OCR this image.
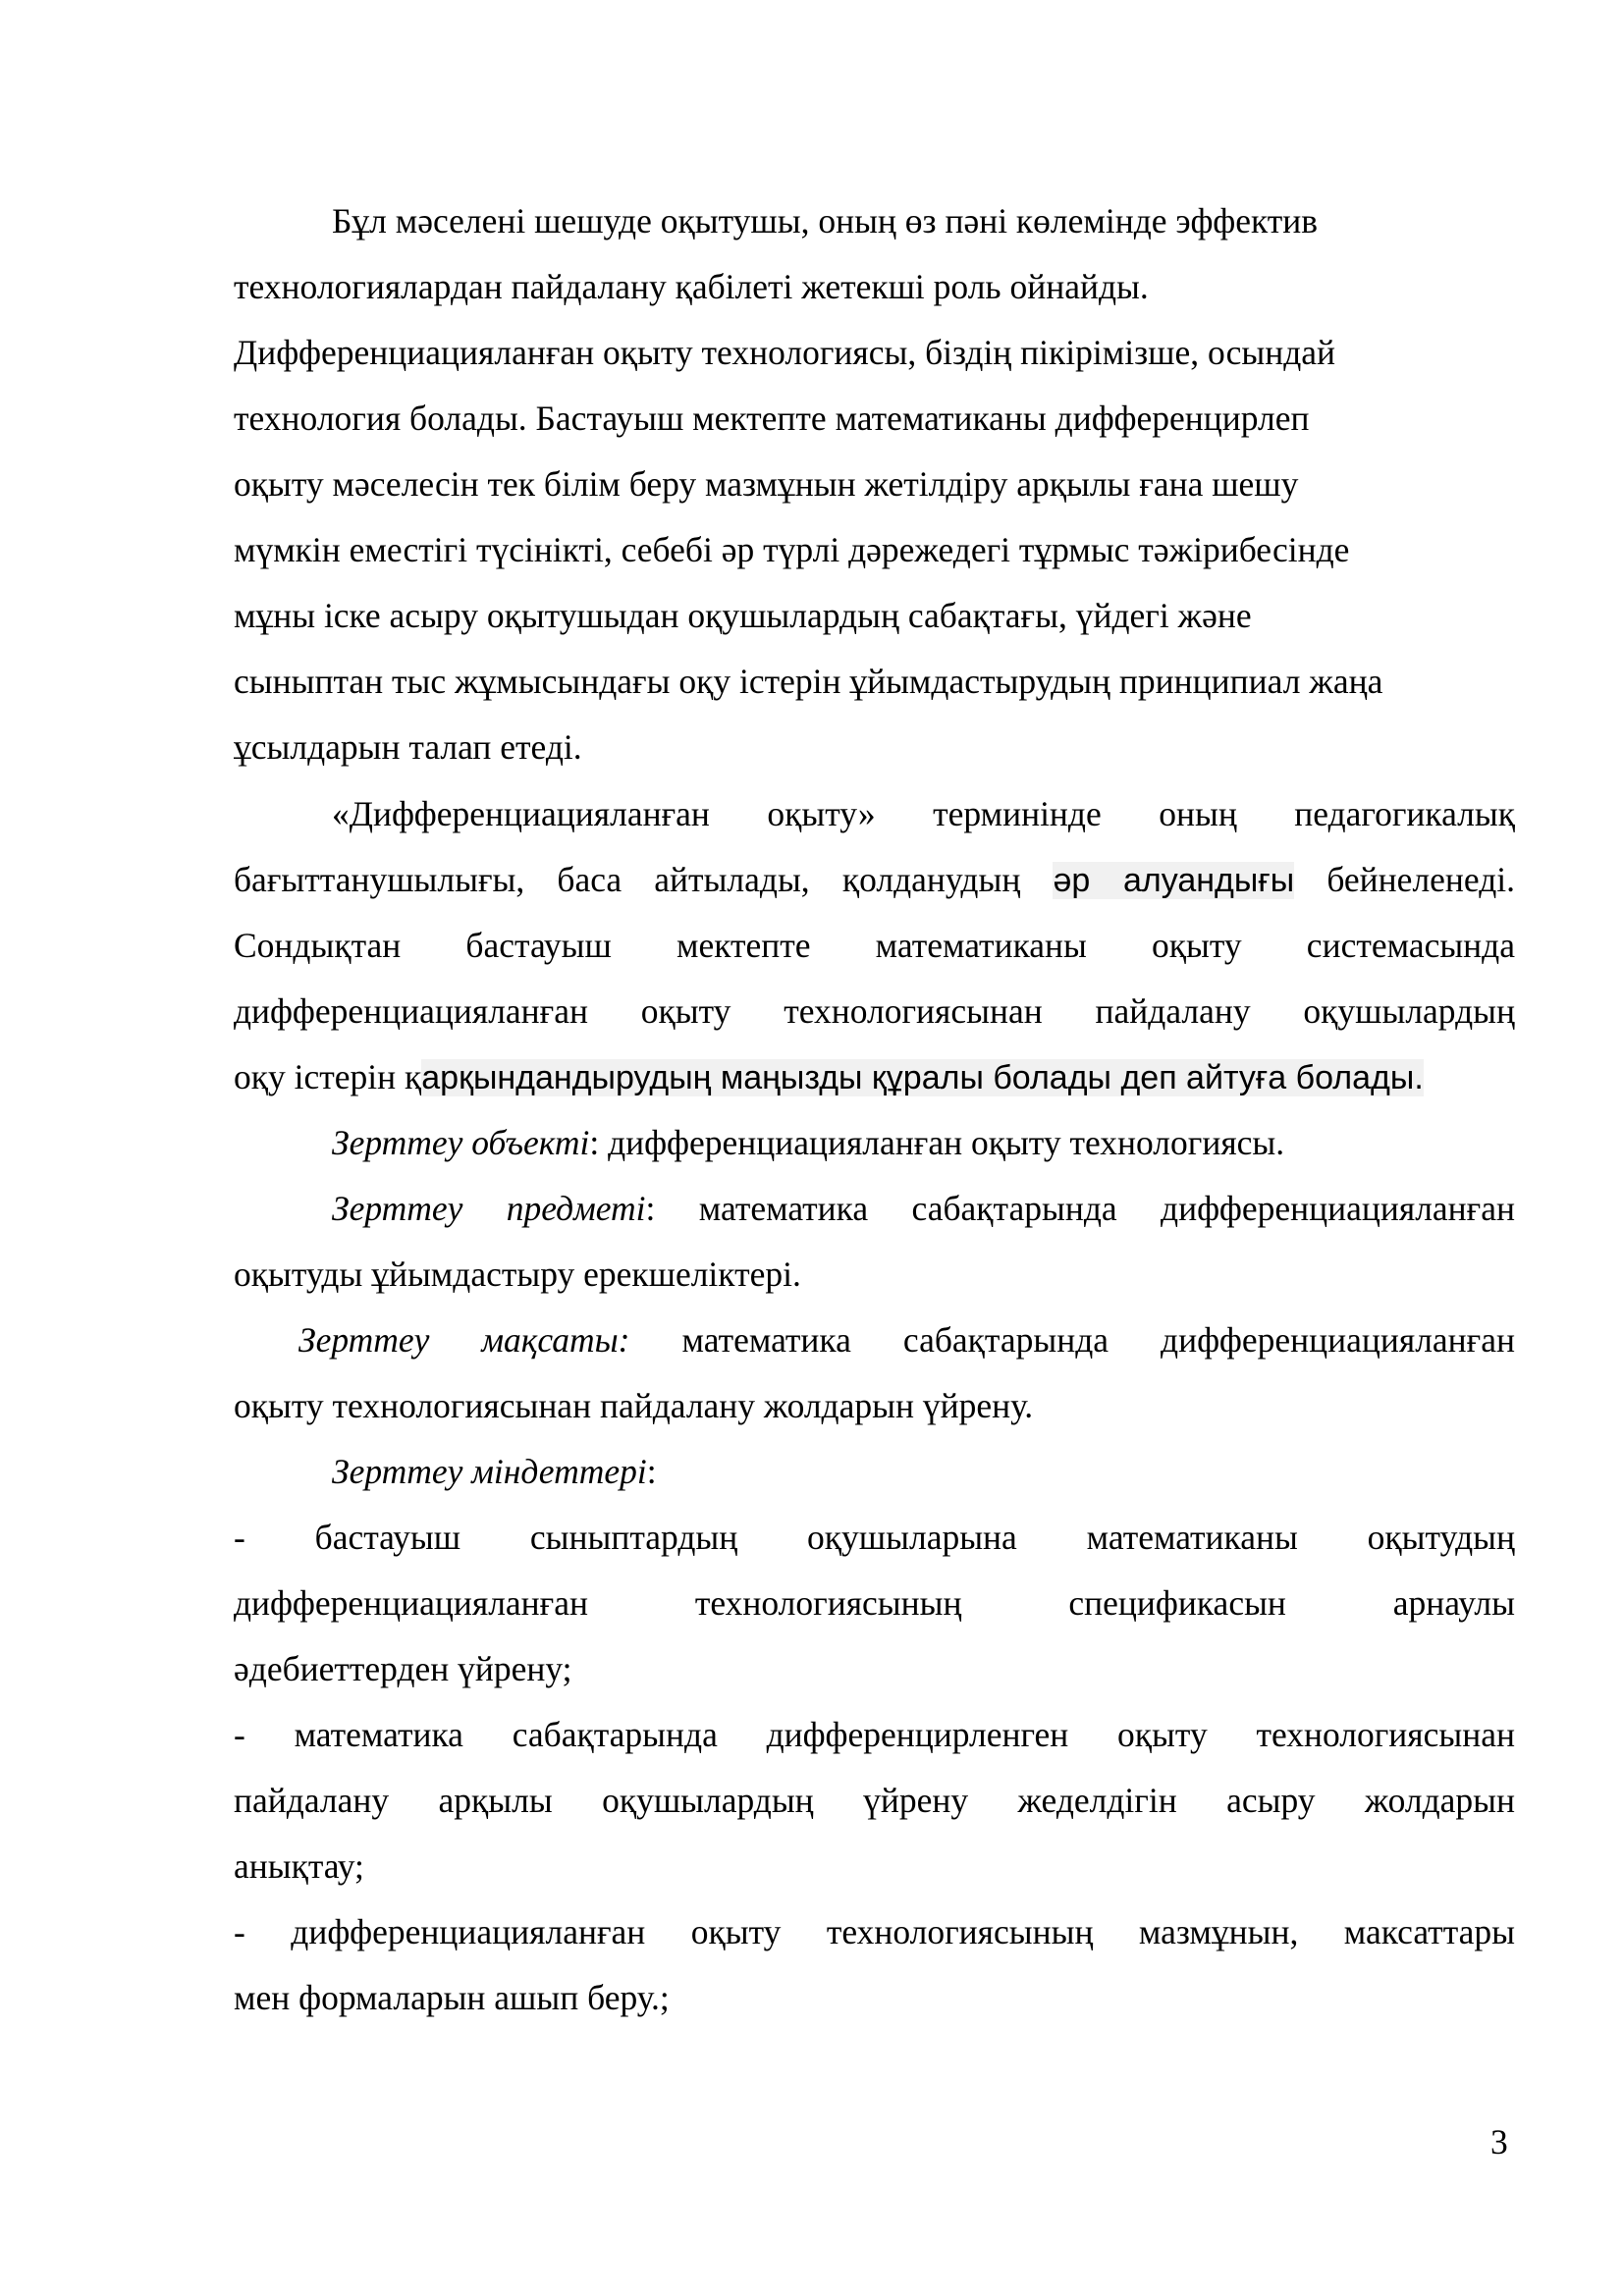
Бұл мәселені шешуде оқытушы, оның өз пәні көлемінде эффектив
технологиялардан пайдалану қабілеті жетекші роль ойнайды.
Дифференциацияланған оқыту технологиясы, біздің пікірімізше, осындай
технология болады. Бастауыш мектепте математиканы дифференцирлеп
оқыту мәселесін тек білім беру мазмұнын жетілдіру арқылы ғана шешу
мүмкін еместігі түсінікті, себебі әр түрлі дәрежедегі тұрмыс тәжірибесінде
мұны іске асыру оқытушыдан оқушылардың сабақтағы, үйдегі және
сыныптан тыс жұмысындағы оқу істерін ұйымдастырудың принципиал жаңа
ұсылдарын талап етеді.
«Дифференциацияланған оқыту» терминінде оның педагогикалық
бағыттанушылығы, баса айтылады, қолданудың әр алуандығы бейнеленеді.
Сондықтан бастауыш мектепте математиканы оқыту системасында
дифференциацияланған оқыту технологиясынан пайдалану оқушылардың
оқу істерін қарқындандырудың маңызды құралы болады деп айтуға болады.
Зерттеу объекті: дифференциацияланған оқыту технологиясы.
Зерттеу предметі: математика сабақтарында дифференциацияланған
оқытуды ұйымдастыру ерекшеліктері.
Зерттеу мақсаты: математика сабақтарында дифференциацияланған
оқыту технологиясынан пайдалану жолдарын үйрену.
Зерттеу міндеттері:
- бастауыш сыныптардың оқушыларына математиканы оқытудың
дифференциацияланған технологиясының спецификасын арнаулы
әдебиеттерден үйрену;
- математика сабақтарында дифференцирленген оқыту технологиясынан
пайдалану арқылы оқушылардың үйрену жеделдігін асыру жолдарын
анықтау;
- дифференциацияланған оқыту технологиясының мазмұнын, максаттары
мен формаларын ашып беру.;
3
